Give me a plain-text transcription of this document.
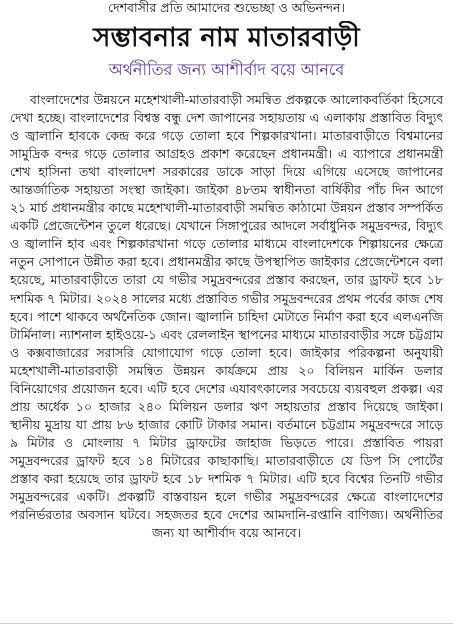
দেশবাসীর প্রতি আমাদের শুভেচ্ছা ও অভিনন্দন।
সম্ভাবনার নাম মাতারবাড়ী
অর্থনীতির জন্য আশীর্বাদ বয়ে আনবে

বাংলাদেশের উন্নয়নে মহেশখালী-মাতারবাড়ী সমন্বিত প্রকল্পকে আলোকবর্তিকা হিসেবে দেখা হচ্ছে। বাংলাদেশের বিশ্বস্ত বন্ধু দেশ জাপানের সহায়তায় এ এলাকায় প্রস্তাবিত বিদ্যুৎ ও জ্বালানি হাবকে কেন্দ্র করে গড়ে তোলা হবে শিল্পকারখানা। মাতারবাড়ীতে বিশ্বমানের সামুদ্রিক বন্দর গড়ে তোলার আগ্রহও প্রকাশ করেছেন প্রধানমন্ত্রী। এ ব্যাপারে প্রধানমন্ত্রী শেখ হাসিনা তথা বাংলাদেশ সরকারের ডাকে সাড়া দিয়ে এগিয়ে এসেছে জাপানের আন্তর্জাতিক সহায়তা সংস্থা জাইকা। জাইকা ৪৮তম স্বাধীনতা বার্ষিকীর পাঁচ দিন আগে ২১ মার্চ প্রধানমন্ত্রীর কাছে মহেশখালী-মাতারবাড়ী সমন্বিত কাঠামো উন্নয়ন প্রস্তাব সম্পর্কিত একটি প্রেজেন্টেশন তুলে ধরেছে। যেখানে সিঙ্গাপুরের আদলে সর্বাধুনিক সমুদ্রবন্দর, বিদ্যুৎ ও জ্বালানি হাব এবং শিল্পকারখানা গড়ে তোলার মাধ্যমে বাংলাদেশকে শিল্পায়নের ক্ষেত্রে নতুন সোপানে উন্নীত করা হবে। প্রধানমন্ত্রীর কাছে উপস্থাপিত জাইকার প্রেজেন্টেশনে বলা হয়েছে, মাতারবাড়ীতে তারা যে গভীর সমুদ্রবন্দরের প্রস্তাব করছেন, তার ড্রাফট হবে ১৮ দশমিক ৭ মিটার। ২০২৪ সালের মধ্যে প্রস্তাবিত গভীর সমুদ্রবন্দরের প্রথম পর্বের কাজ শেষ হবে। পাশে থাকবে অর্থনৈতিক জোন। জ্বালানি চাহিদা মেটাতে নির্মাণ করা হবে এলএনজি টার্মিনাল। ন্যাশনাল হাইওয়ে-১ এবং রেললাইন স্থাপনের মাধ্যমে মাতারবাড়ীর সঙ্গে চট্টগ্রাম ও কক্সবাজারের সরাসরি যোগাযোগ গড়ে তোলা হবে। জাইকার পরিকল্পনা অনুযায়ী মহেশখালী-মাতারবাড়ী সমন্বিত উন্নয়ন কার্যক্রমে প্রায় ২০ বিলিয়ন মার্কিন ডলার বিনিয়োগের প্রয়োজন হবে। এটি হবে দেশের এযাবৎকালের সবচেয়ে ব্যয়বহুল প্রকল্প। এর প্রায় অর্ধেক ১০ হাজার ২৪০ মিলিয়ন ডলার ঋণ সহায়তার প্রস্তাব দিয়েছে জাইকা। স্থানীয় মুদ্রায় যা প্রায় ৮৬ হাজার কোটি টাকার সমান। বর্তমানে চট্টগ্রাম সমুদ্রবন্দরে সাড়ে ৯ মিটার ও মোংলায় ৭ মিটার ড্রাফটের জাহাজ ভিড়তে পারে। প্রস্তাবিত পায়রা সমুদ্রবন্দরের ড্রাফট হবে ১৪ মিটারের কাছাকাছি। মাতারবাড়ীতে যে ডিপ সি পোর্টের প্রস্তাব করা হয়েছে তার ড্রাফট হবে ১৮ দশমিক ৭ মিটার। এটি হবে বিশ্বের তিনটি গভীর সমুদ্রবন্দরের একটি। প্রকল্পটি বাস্তবায়ন হলে গভীর সমুদ্রবন্দরের ক্ষেত্রে বাংলাদেশের পরনির্ভরতার অবসান ঘটবে। সহজতর হবে দেশের আমদানি-রপ্তানি বাণিজ্য। অর্থনীতির জন্য যা আশীর্বাদ বয়ে আনবে।
